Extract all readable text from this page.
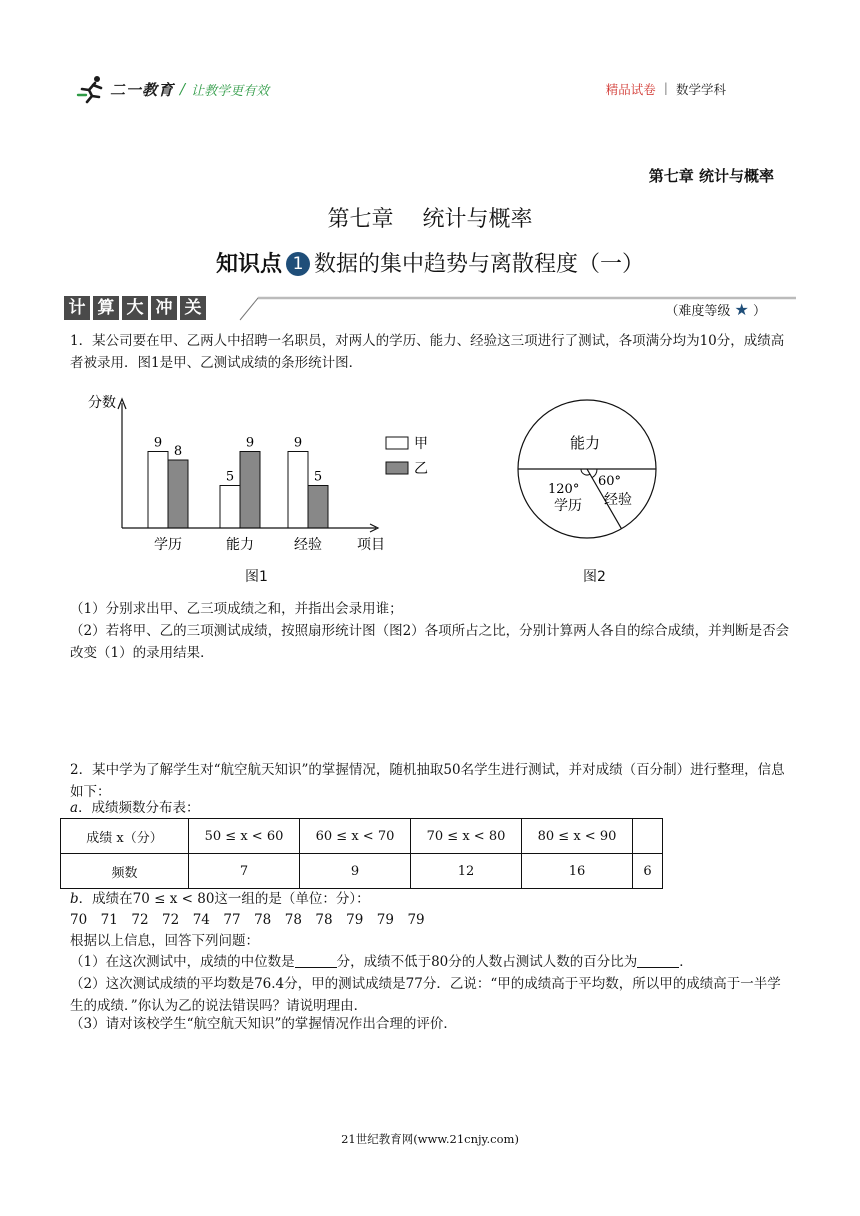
二一教育 / 让教学更有效	精品试卷 | 数学学科
第七章 统计与概率
第七章 统计与概率
知识点 1 数据的集中趋势与离散程度（一）
计 算 大 冲 关	（难度等级 ★ ）

1．某公司要在甲、乙两人中招聘一名职员，对两人的学历、能力、经验这三项进行了测试，各项满分均为10分，成绩高者被录用．图1是甲、乙测试成绩的条形统计图．

9
8
学历
5
9
能力
9
5
经验
分数
项目
甲
乙
图1
能力
120°
学历
60°
经验
图2

（1）分别求出甲、乙三项成绩之和，并指出会录用谁；

（2）若将甲、乙的三项测试成绩，按照扇形统计图（图2）各项所占之比，分别计算两人各自的综合成绩，并判断是否会改变（1）的录用结果．

2．某中学为了解学生对“航空航天知识”的掌握情况，随机抽取50名学生进行测试，并对成绩（百分制）进行整理，信息如下：

a．成绩频数分布表：

成绩 x（分）	50 ≤ x < 60	60 ≤ x < 70	70 ≤ x < 80	80 ≤ x < 90	
频数	7	9	12	16	6

b．成绩在70 ≤ x < 80这一组的是（单位：分）：

70　71　72　72　74　77　78　78　78　79　79　79

根据以上信息，回答下列问题：

（1）在这次测试中，成绩的中位数是	分，成绩不低于80分的人数占测试人数的百分比为	．

（2）这次测试成绩的平均数是76.4分，甲的测试成绩是77分．乙说：“甲的成绩高于平均数，所以甲的成绩高于一半学生的成绩．”你认为乙的说法错误吗？请说明理由．

（3）请对该校学生“航空航天知识”的掌握情况作出合理的评价．

21世纪教育网(www.21cnjy.com)
